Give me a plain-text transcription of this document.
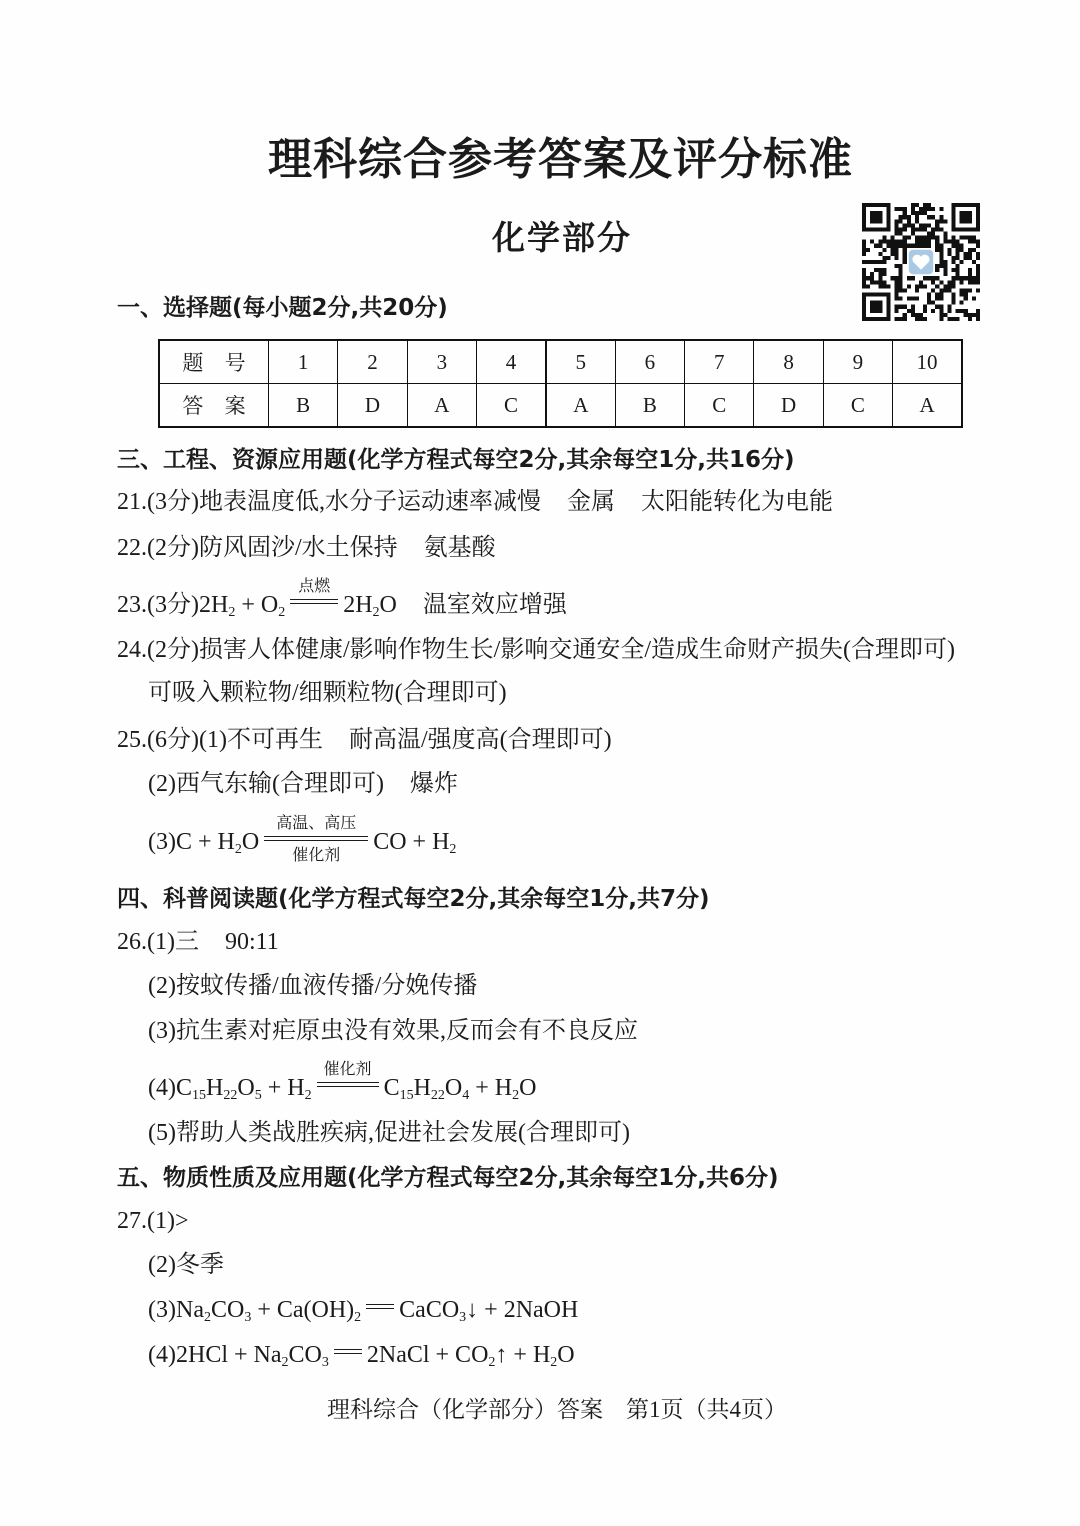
理科综合参考答案及评分标准
化学部分
一、选择题(每小题2分,共20分)
题 号	1	2	3	4	5	6	7	8	9	10
答 案	B	D	A	C	A	B	C	D	C	A
三、工程、资源应用题(化学方程式每空2分,其余每空1分,共16分)
21.(3分)地表温度低,水分子运动速率减慢 金属 太阳能转化为电能
22.(2分)防风固沙/水土保持 氨基酸
23.(3分)$2H_2 + O_2$
点燃
$2H_2O$ 温室效应增强
24.(2分)损害人体健康/影响作物生长/影响交通安全/造成生命财产损失(合理即可)
可吸入颗粒物/细颗粒物(合理即可)
25.(6分)(1)不可再生 耐高温/强度高(合理即可)
(2)西气东输(合理即可) 爆炸
$(3)C + H_2O$
高温、高压
催化剂
CO + $H_2$
四、科普阅读题(化学方程式每空2分,其余每空1分,共7分)
26.(1)三 90:11
(2)按蚊传播/血液传播/分娩传播
(3)抗生素对疟原虫没有效果,反而会有不良反应
$(4)C_{15}H_{22}O_5 + H_2$
催化剂
$C_{15}H_{22}O_4 + H_2O$
(5)帮助人类战胜疾病,促进社会发展(合理即可)
五、物质性质及应用题(化学方程式每空2分,其余每空1分,共6分)
27.(1)>
(2)冬季
$(3)Na_2CO_3 + Ca(OH)_2$ CaCO$_3$↓ + 2NaOH
$(4)2HCl + Na_2CO_3$ 2NaCl + $CO_2↑ + H_2O$
理科综合（化学部分）答案　第1页（共4页）
